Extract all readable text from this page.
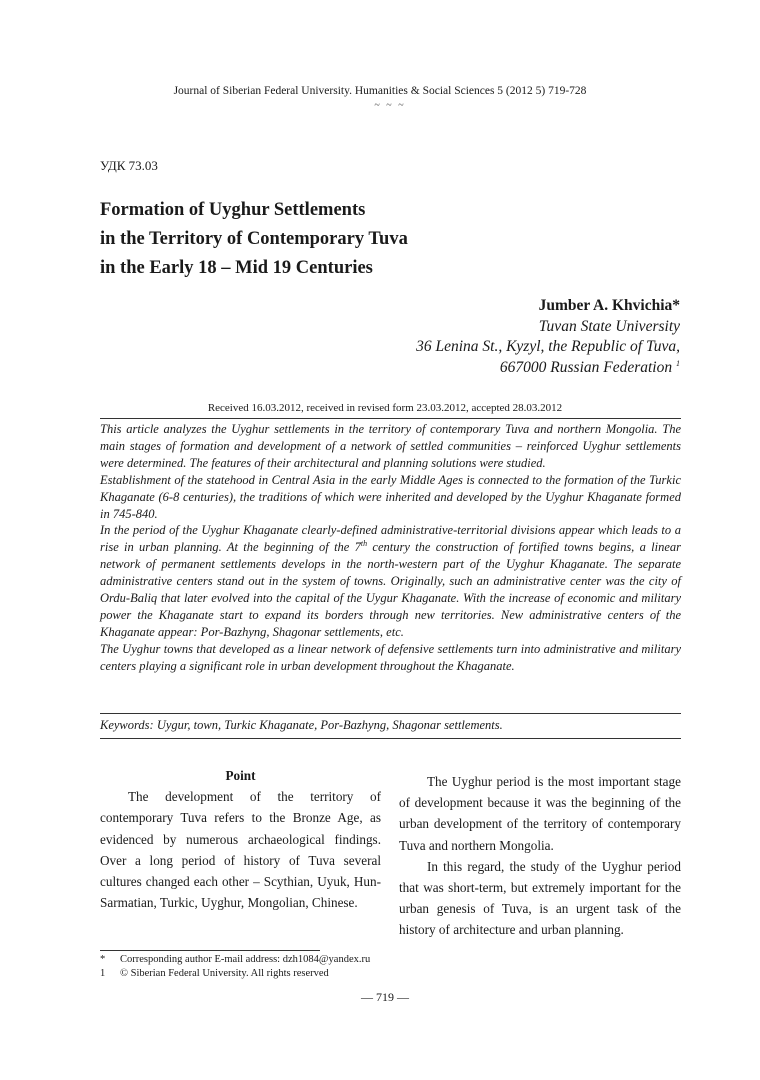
Journal of Siberian Federal University. Humanities & Social Sciences 5 (2012 5) 719-728
~ ~ ~
УДК 73.03
Formation of Uyghur Settlements
in the Territory of Contemporary Tuva
in the Early 18 – Mid 19 Centuries
Jumber A. Khvichia*
Tuvan State University
36 Lenina St., Kyzyl, the Republic of Tuva,
667000 Russian Federation $^1$
Received 16.03.2012, received in revised form 23.03.2012, accepted 28.03.2012

This article analyzes the Uyghur settlements in the territory of contemporary Tuva and northern Mongolia. The main stages of formation and development of a network of settled communities – reinforced Uyghur settlements were determined. The features of their architectural and planning solutions were studied.

Establishment of the statehood in Central Asia in the early Middle Ages is connected to the formation of the Turkic Khaganate (6-8 centuries), the traditions of which were inherited and developed by the Uyghur Khaganate formed in 745-840.

In the period of the Uyghur Khaganate clearly-defined administrative-territorial divisions appear which leads to a rise in urban planning. At the beginning of the 7th century the construction of fortified towns begins, a linear network of permanent settlements develops in the north-western part of the Uyghur Khaganate. The separate administrative centers stand out in the system of towns. Originally, such an administrative center was the city of Ordu-Baliq that later evolved into the capital of the Uygur Khaganate. With the increase of economic and military power the Khaganate start to expand its borders through new territories. New administrative centers of the Khaganate appear: Por-Bazhyng, Shagonar settlements, etc.

The Uyghur towns that developed as a linear network of defensive settlements turn into administrative and military centers playing a significant role in urban development throughout the Khaganate.

Keywords: Uygur, town, Turkic Khaganate, Por-Bazhyng, Shagonar settlements.

Point

The development of the territory of contemporary Tuva refers to the Bronze Age, as evidenced by numerous archaeological findings. Over a long period of history of Tuva several cultures changed each other – Scythian, Uyuk, Hun-Sarmatian, Turkic, Uyghur, Mongolian, Chinese.

The Uyghur period is the most important stage of development because it was the beginning of the urban development of the territory of contemporary Tuva and northern Mongolia.

In this regard, the study of the Uyghur period that was short-term, but extremely important for the urban genesis of Tuva, is an urgent task of the history of architecture and urban planning.

*	Corresponding author E-mail address: dzh1084@yandex.ru
1	© Siberian Federal University. All rights reserved
— 719 —
